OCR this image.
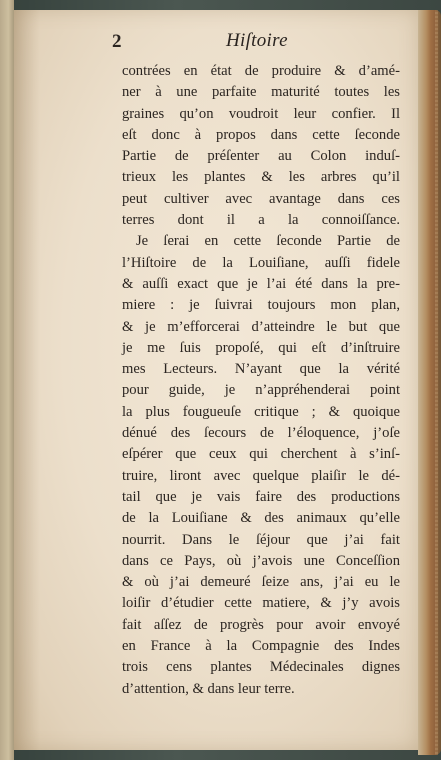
2	Hiſtoire
contrées en état de produire & d’amé-
ner à une parfaite maturité toutes les
graines qu’on voudroit leur confier. Il
eſt donc à propos dans cette ſeconde
Partie de préſenter au Colon induſ-
trieux les plantes & les arbres qu’il
peut cultiver avec avantage dans ces
terres dont il a la connoiſſance.
Je ſerai en cette ſeconde Partie de
l’Hiſtoire de la Louiſiane, auſſi fidele
& auſſi exact que je l’ai été dans la pre-
miere : je ſuivrai toujours mon plan,
& je m’efforcerai d’atteindre le but que
je me ſuis propoſé, qui eſt d’inſtruire
mes Lecteurs. N’ayant que la vérité
pour guide, je n’appréhenderai point
la plus fougueuſe critique ; & quoique
dénué des ſecours de l’éloquence, j’oſe
eſpérer que ceux qui cherchent à s’inſ-
truire, liront avec quelque plaiſir le dé-
tail que je vais faire des productions
de la Louiſiane & des animaux qu’elle
nourrit. Dans le ſéjour que j’ai fait
dans ce Pays, où j’avois une Conceſſion
& où j’ai demeuré ſeize ans, j’ai eu le
loiſir d’étudier cette matiere, & j’y avois
fait aſſez de progrès pour avoir envoyé
en France à la Compagnie des Indes
trois cens plantes Médecinales dignes
d’attention, & dans leur terre.
